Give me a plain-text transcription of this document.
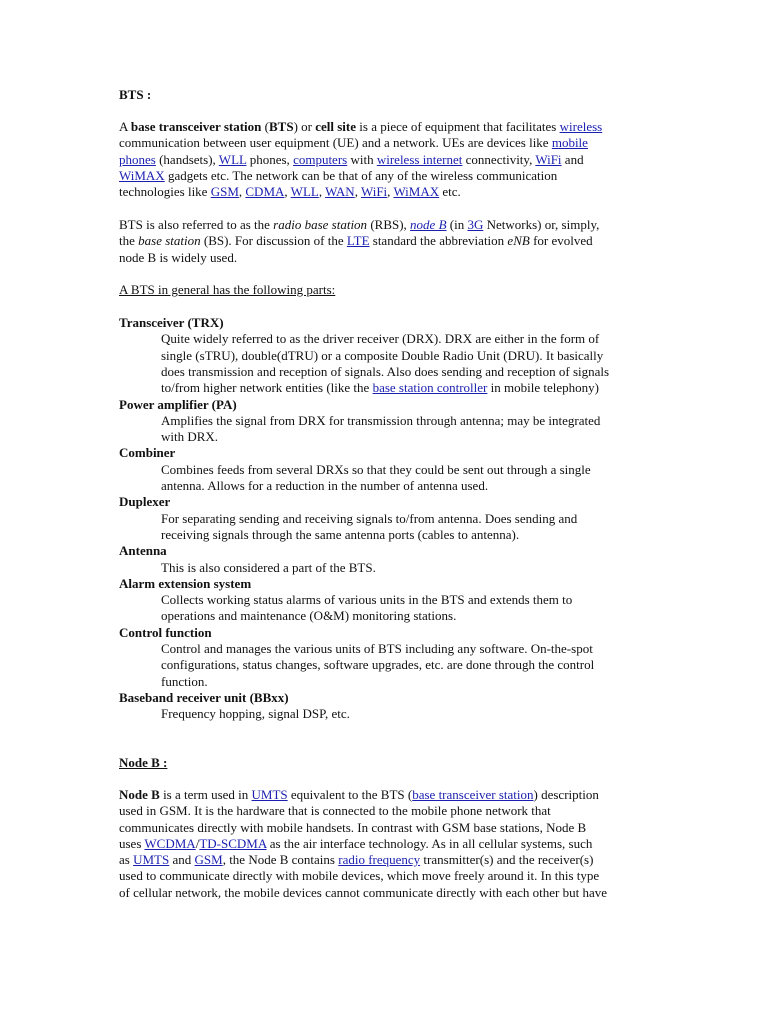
BTS :

A base transceiver station (BTS) or cell site is a piece of equipment that facilitates wireless
communication between user equipment (UE) and a network. UEs are devices like mobile
phones (handsets), WLL phones, computers with wireless internet connectivity, WiFi and
WiMAX gadgets etc. The network can be that of any of the wireless communication
technologies like GSM, CDMA, WLL, WAN, WiFi, WiMAX etc.

BTS is also referred to as the radio base station (RBS), node B (in 3G Networks) or, simply,
the base station (BS). For discussion of the LTE standard the abbreviation eNB for evolved
node B is widely used.

A BTS in general has the following parts:

Transceiver (TRX)

Quite widely referred to as the driver receiver (DRX). DRX are either in the form of
single (sTRU), double(dTRU) or a composite Double Radio Unit (DRU). It basically
does transmission and reception of signals. Also does sending and reception of signals
to/from higher network entities (like the base station controller in mobile telephony)

Power amplifier (PA)

Amplifies the signal from DRX for transmission through antenna; may be integrated
with DRX.

Combiner

Combines feeds from several DRXs so that they could be sent out through a single
antenna. Allows for a reduction in the number of antenna used.

Duplexer

For separating sending and receiving signals to/from antenna. Does sending and
receiving signals through the same antenna ports (cables to antenna).

Antenna

This is also considered a part of the BTS.

Alarm extension system

Collects working status alarms of various units in the BTS and extends them to
operations and maintenance (O&M) monitoring stations.

Control function

Control and manages the various units of BTS including any software. On-the-spot
configurations, status changes, software upgrades, etc. are done through the control
function.

Baseband receiver unit (BBxx)

Frequency hopping, signal DSP, etc.

Node B :

Node B is a term used in UMTS equivalent to the BTS (base transceiver station) description
used in GSM. It is the hardware that is connected to the mobile phone network that
communicates directly with mobile handsets. In contrast with GSM base stations, Node B
uses WCDMA/TD-SCDMA as the air interface technology. As in all cellular systems, such
as UMTS and GSM, the Node B contains radio frequency transmitter(s) and the receiver(s)
used to communicate directly with mobile devices, which move freely around it. In this type
of cellular network, the mobile devices cannot communicate directly with each other but have
